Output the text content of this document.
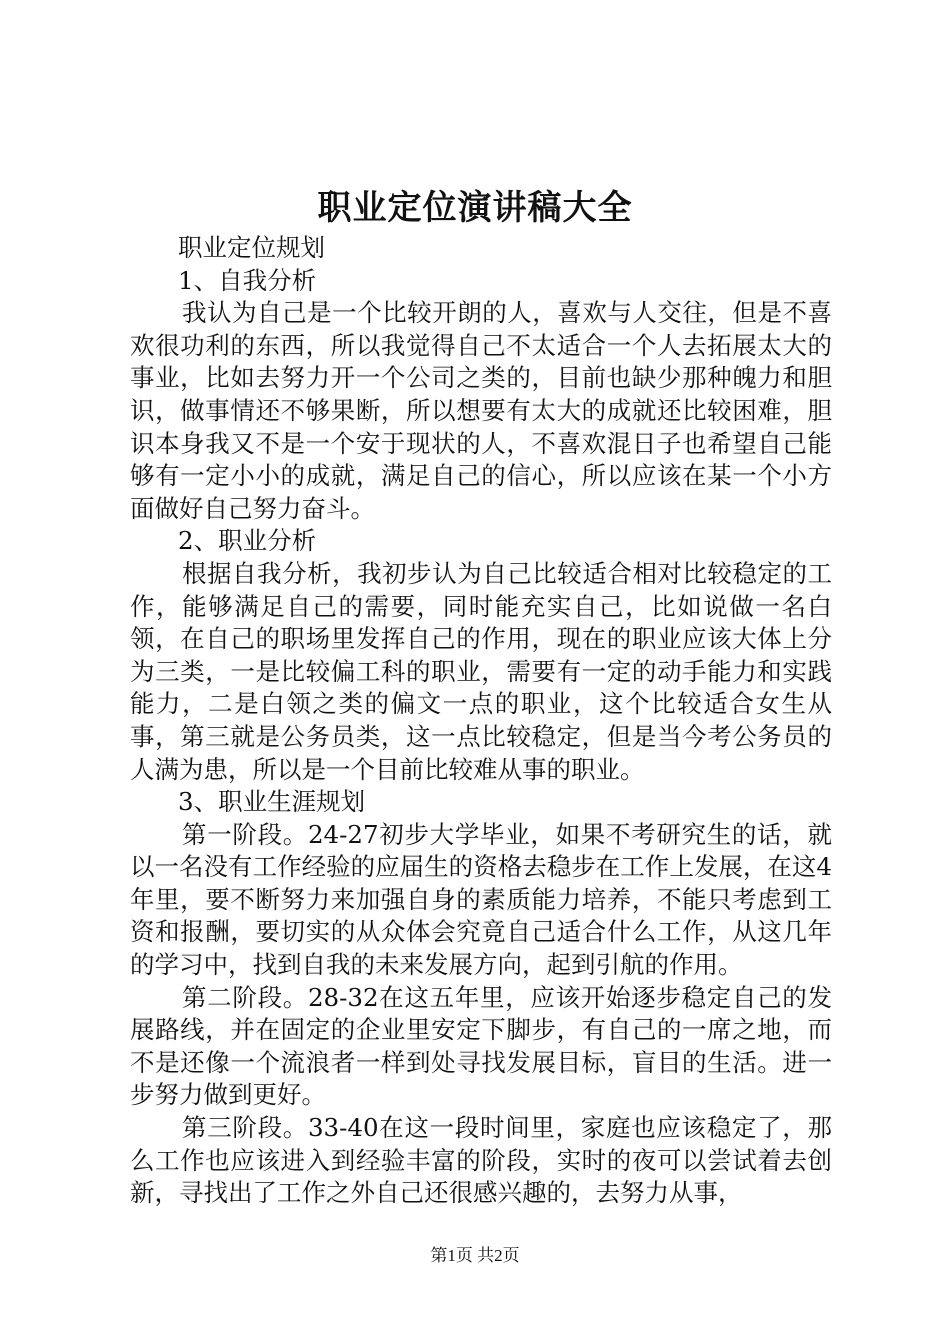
职业定位演讲稿大全

职业定位规划

1、自我分析

我认为自己是一个比较开朗的人，喜欢与人交往，但是不喜欢很功利的东西，所以我觉得自己不太适合一个人去拓展太大的事业，比如去努力开一个公司之类的，目前也缺少那种魄力和胆识，做事情还不够果断，所以想要有太大的成就还比较困难，胆识本身我又不是一个安于现状的人，不喜欢混日子也希望自己能够有一定小小的成就，满足自己的信心，所以应该在某一个小方面做好自己努力奋斗。

2、职业分析

根据自我分析，我初步认为自己比较适合相对比较稳定的工作，能够满足自己的需要，同时能充实自己，比如说做一名白领，在自己的职场里发挥自己的作用，现在的职业应该大体上分为三类，一是比较偏工科的职业，需要有一定的动手能力和实践能力，二是白领之类的偏文一点的职业，这个比较适合女生从事，第三就是公务员类，这一点比较稳定，但是当今考公务员的人满为患，所以是一个目前比较难从事的职业。

3、职业生涯规划

第一阶段。24-27初步大学毕业，如果不考研究生的话，就以一名没有工作经验的应届生的资格去稳步在工作上发展，在这4年里，要不断努力来加强自身的素质能力培养，不能只考虑到工资和报酬，要切实的从众体会究竟自己适合什么工作，从这几年的学习中，找到自我的未来发展方向，起到引航的作用。

第二阶段。28-32在这五年里，应该开始逐步稳定自己的发展路线，并在固定的企业里安定下脚步，有自己的一席之地，而不是还像一个流浪者一样到处寻找发展目标，盲目的生活。进一步努力做到更好。

第三阶段。33-40在这一段时间里，家庭也应该稳定了，那么工作也应该进入到经验丰富的阶段，实时的夜可以尝试着去创新，寻找出了工作之外自己还很感兴趣的，去努力从事，

第1页 共2页
